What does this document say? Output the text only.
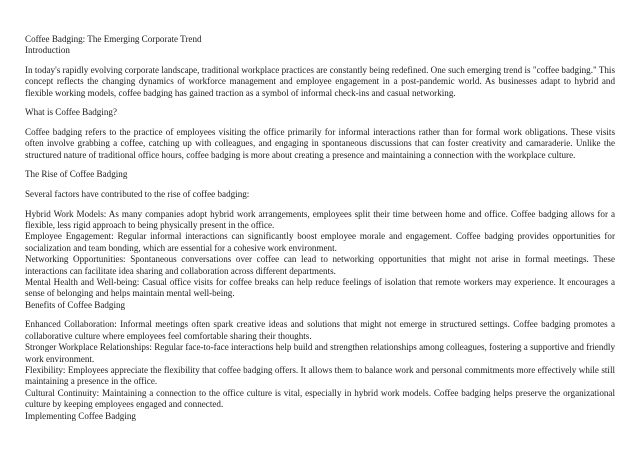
Coffee Badging: The Emerging Corporate Trend
Introduction
In today's rapidly evolving corporate landscape, traditional workplace practices are constantly being redefined. One such emerging trend is "coffee badging." This concept reflects the changing dynamics of workforce management and employee engagement in a post-pandemic world. As businesses adapt to hybrid and flexible working models, coffee badging has gained traction as a symbol of informal check-ins and casual networking.
What is Coffee Badging?
Coffee badging refers to the practice of employees visiting the office primarily for informal interactions rather than for formal work obligations. These visits often involve grabbing a coffee, catching up with colleagues, and engaging in spontaneous discussions that can foster creativity and camaraderie. Unlike the structured nature of traditional office hours, coffee badging is more about creating a presence and maintaining a connection with the workplace culture.
The Rise of Coffee Badging
Several factors have contributed to the rise of coffee badging:
Hybrid Work Models: As many companies adopt hybrid work arrangements, employees split their time between home and office. Coffee badging allows for a flexible, less rigid approach to being physically present in the office.
Employee Engagement: Regular informal interactions can significantly boost employee morale and engagement. Coffee badging provides opportunities for socialization and team bonding, which are essential for a cohesive work environment.
Networking Opportunities: Spontaneous conversations over coffee can lead to networking opportunities that might not arise in formal meetings. These interactions can facilitate idea sharing and collaboration across different departments.
Mental Health and Well-being: Casual office visits for coffee breaks can help reduce feelings of isolation that remote workers may experience. It encourages a sense of belonging and helps maintain mental well-being.
Benefits of Coffee Badging
Enhanced Collaboration: Informal meetings often spark creative ideas and solutions that might not emerge in structured settings. Coffee badging promotes a collaborative culture where employees feel comfortable sharing their thoughts.
Stronger Workplace Relationships: Regular face-to-face interactions help build and strengthen relationships among colleagues, fostering a supportive and friendly work environment.
Flexibility: Employees appreciate the flexibility that coffee badging offers. It allows them to balance work and personal commitments more effectively while still maintaining a presence in the office.
Cultural Continuity: Maintaining a connection to the office culture is vital, especially in hybrid work models. Coffee badging helps preserve the organizational culture by keeping employees engaged and connected.
Implementing Coffee Badging
